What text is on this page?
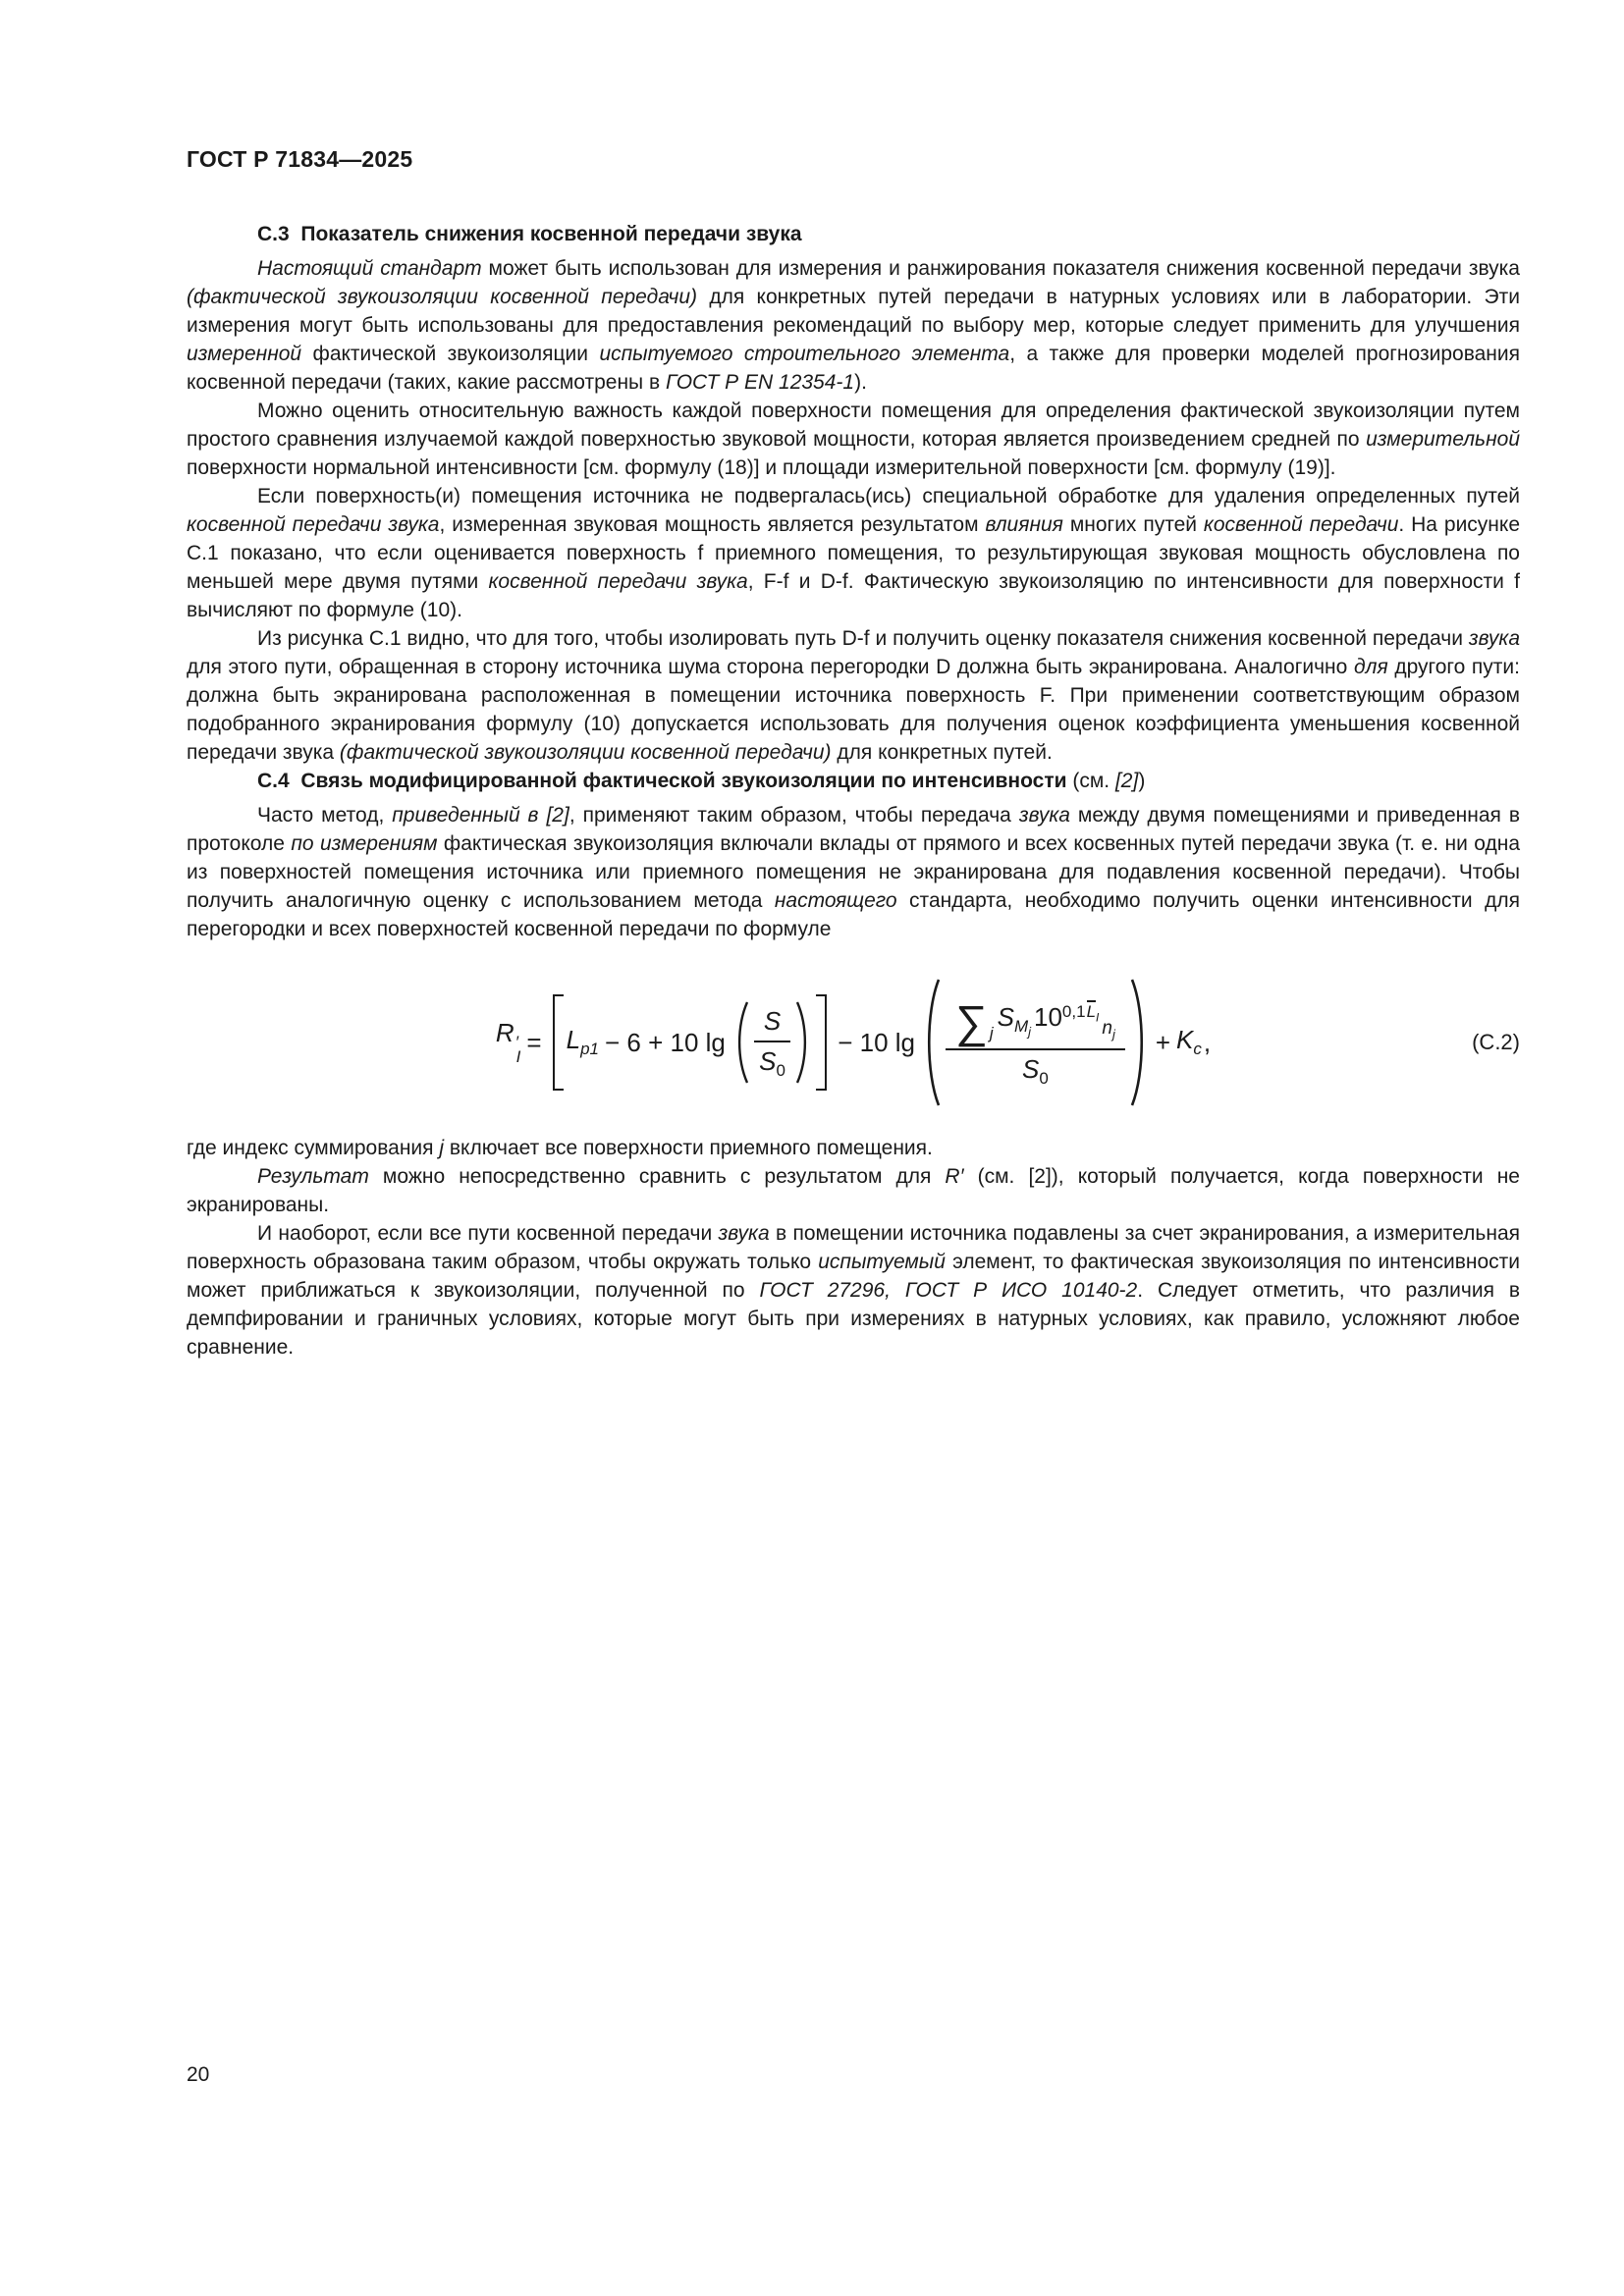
ГОСТ Р 71834—2025

С.3  Показатель снижения косвенной передачи звука

Настоящий стандарт может быть использован для измерения и ранжирования показателя снижения косвенной передачи звука (фактической звукоизоляции косвенной передачи) для конкретных путей передачи в натурных условиях или в лаборатории. Эти измерения могут быть использованы для предоставления рекомендаций по выбору мер, которые следует применить для улучшения измеренной фактической звукоизоляции испытуемого строительного элемента, а также для проверки моделей прогнозирования косвенной передачи (таких, какие рассмотрены в ГОСТ Р EN 12354-1).

Можно оценить относительную важность каждой поверхности помещения для определения фактической звукоизоляции путем простого сравнения излучаемой каждой поверхностью звуковой мощности, которая является произведением средней по измерительной поверхности нормальной интенсивности [см. формулу (18)] и площади измерительной поверхности [см. формулу (19)].

Если поверхность(и) помещения источника не подвергалась(ись) специальной обработке для удаления определенных путей косвенной передачи звука, измеренная звуковая мощность является результатом влияния многих путей косвенной передачи. На рисунке С.1 показано, что если оценивается поверхность f приемного помещения, то результирующая звуковая мощность обусловлена по меньшей мере двумя путями косвенной передачи звука, F-f и D-f. Фактическую звукоизоляцию по интенсивности для поверхности f вычисляют по формуле (10).

Из рисунка С.1 видно, что для того, чтобы изолировать путь D-f и получить оценку показателя снижения косвенной передачи звука для этого пути, обращенная в сторону источника шума сторона перегородки D должна быть экранирована. Аналогично для другого пути: должна быть экранирована расположенная в помещении источника поверхность F. При применении соответствующим образом подобранного экранирования формулу (10) допускается использовать для получения оценок коэффициента уменьшения косвенной передачи звука (фактической звукоизоляции косвенной передачи) для конкретных путей.

С.4  Связь модифицированной фактической звукоизоляции по интенсивности (см. [2])

Часто метод, приведенный в [2], применяют таким образом, чтобы передача звука между двумя помещениями и приведенная в протоколе по измерениям фактическая звукоизоляция включали вклады от прямого и всех косвенных путей передачи звука (т. е. ни одна из поверхностей помещения источника или приемного помещения не экранирована для подавления косвенной передачи). Чтобы получить аналогичную оценку с использованием метода настоящего стандарта, необходимо получить оценки интенсивности для перегородки и всех поверхностей косвенной передачи по формуле

R ′
$I = L_{p1} - 6 + 10$ $\lg \frac{S}{S_0} - 10$ $\lg \frac{\sum _jS_{M_j}10^{0,1L_I}_{n_j}}{S_0} + K_c$ ,	(С.2)

где индекс суммирования j включает все поверхности приемного помещения.

Результат можно непосредственно сравнить с результатом для R′ (см. [2]), который получается, когда поверхности не экранированы.

И наоборот, если все пути косвенной передачи звука в помещении источника подавлены за счет экранирования, а измерительная поверхность образована таким образом, чтобы окружать только испытуемый элемент, то фактическая звукоизоляция по интенсивности может приближаться к звукоизоляции, полученной по ГОСТ 27296, ГОСТ Р ИСО 10140-2. Следует отметить, что различия в демпфировании и граничных условиях, которые могут быть при измерениях в натурных условиях, как правило, усложняют любое сравнение.

20
